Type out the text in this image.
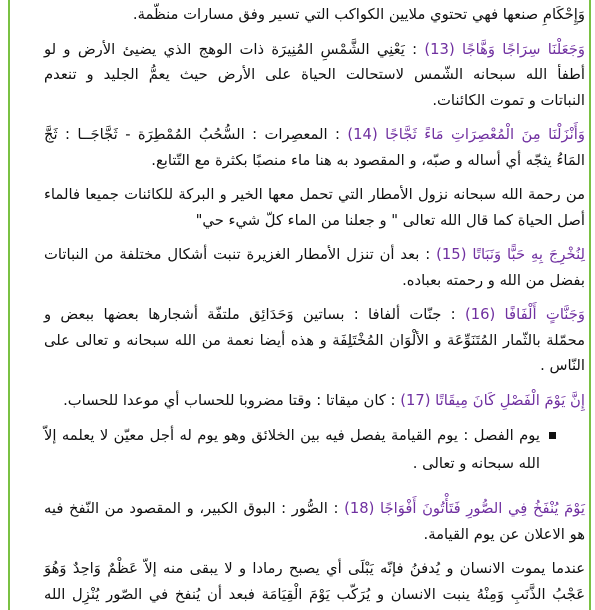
وَإِحْكَامِ صنعها فهي تحتوي ملايين الكواكب التي تسير وفق مسارات منظّمة.
وَجَعَلْنَا سِرَاجًا وَهَّاجًا (13) : يَعْنِي الشَّمْسِ المُنِيرَة ذات الوهج الذي يضيئ الأرض و لو
أطفأ الله سبحانه الشّمس لاستحالت الحياة على الأرض حيث يعمُّ الجليد و تنعدم
النباتات و تموت الكائنات.
وَأَنْزَلْنَا مِنَ الْمُعْصِرَاتِ مَاءً ثَجَّاجًا (14) : المعصِرات : السُّحُبُ المُمْطِرَة - ثَجَّاجَــا : ثَجَّ
المَاءُ يثجّه أي أساله و صبّه، و المقصود به هنا ماء منصبًا بكثرة مع التّتابع.
من رحمة الله سبحانه نزول الأمطار التي تحمل معها الخير و البركة للكائنات جميعا فالماء
أصل الحياة كما قال الله تعالى " و جعلنا من الماء كلّ شيء حي"
لِنُخْرِجَ بِهِ حَبًّا وَنَبَاتًا (15) : بعد أن تنزل الأمطار الغزيرة تنبت أشكال مختلفة من النباتات
بفضل من الله و رحمته بعباده.
وَجَنَّاتٍ أَلْفَافًا (16) : جنّات ألفافا : بساتين وَحَدَائِق ملتفّة أشجارها بعضها ببعض و
محمّلة بالثّمار المُتَنَوِّعَة و الألْوَان المُخْتَلِفَة و هذه أيضا نعمة من الله سبحانه و تعالى على
النّاس .
إِنَّ يَوْمَ الْفَصْلِ كَانَ مِيقَاتًا (17) : كان ميقاتا : وقتا مضروبا للحساب أي موعدا للحساب.
يوم الفصل : يوم القيامة يفصل فيه بين الخلائق وهو يوم له أجل معيّن لا يعلمه إلاّ
الله سبحانه و تعالى .
يَوْمَ يُنْفَخُ فِي الصُّورِ فَتَأْتُونَ أَفْوَاجًا (18) : الصُّور : البوق الكبير، و المقصود من النّفخ فيه
هو الاعلان عن يوم القيامة.
عندما يموت الانسان و يُدفنُ فإنّه يَبْلَى أي يصبح رمادا و لا يبقى منه إلاّ عَظْمٌ وَاحِدٌ وَهُوَ
عَجْبُ الذَّنَبِ وَمِنْهُ ينبت الانسان و يُرَكّب يَوْمَ الْقِيَامَة فبعد أن يُنفخ في الصّور يُنْزِل الله
